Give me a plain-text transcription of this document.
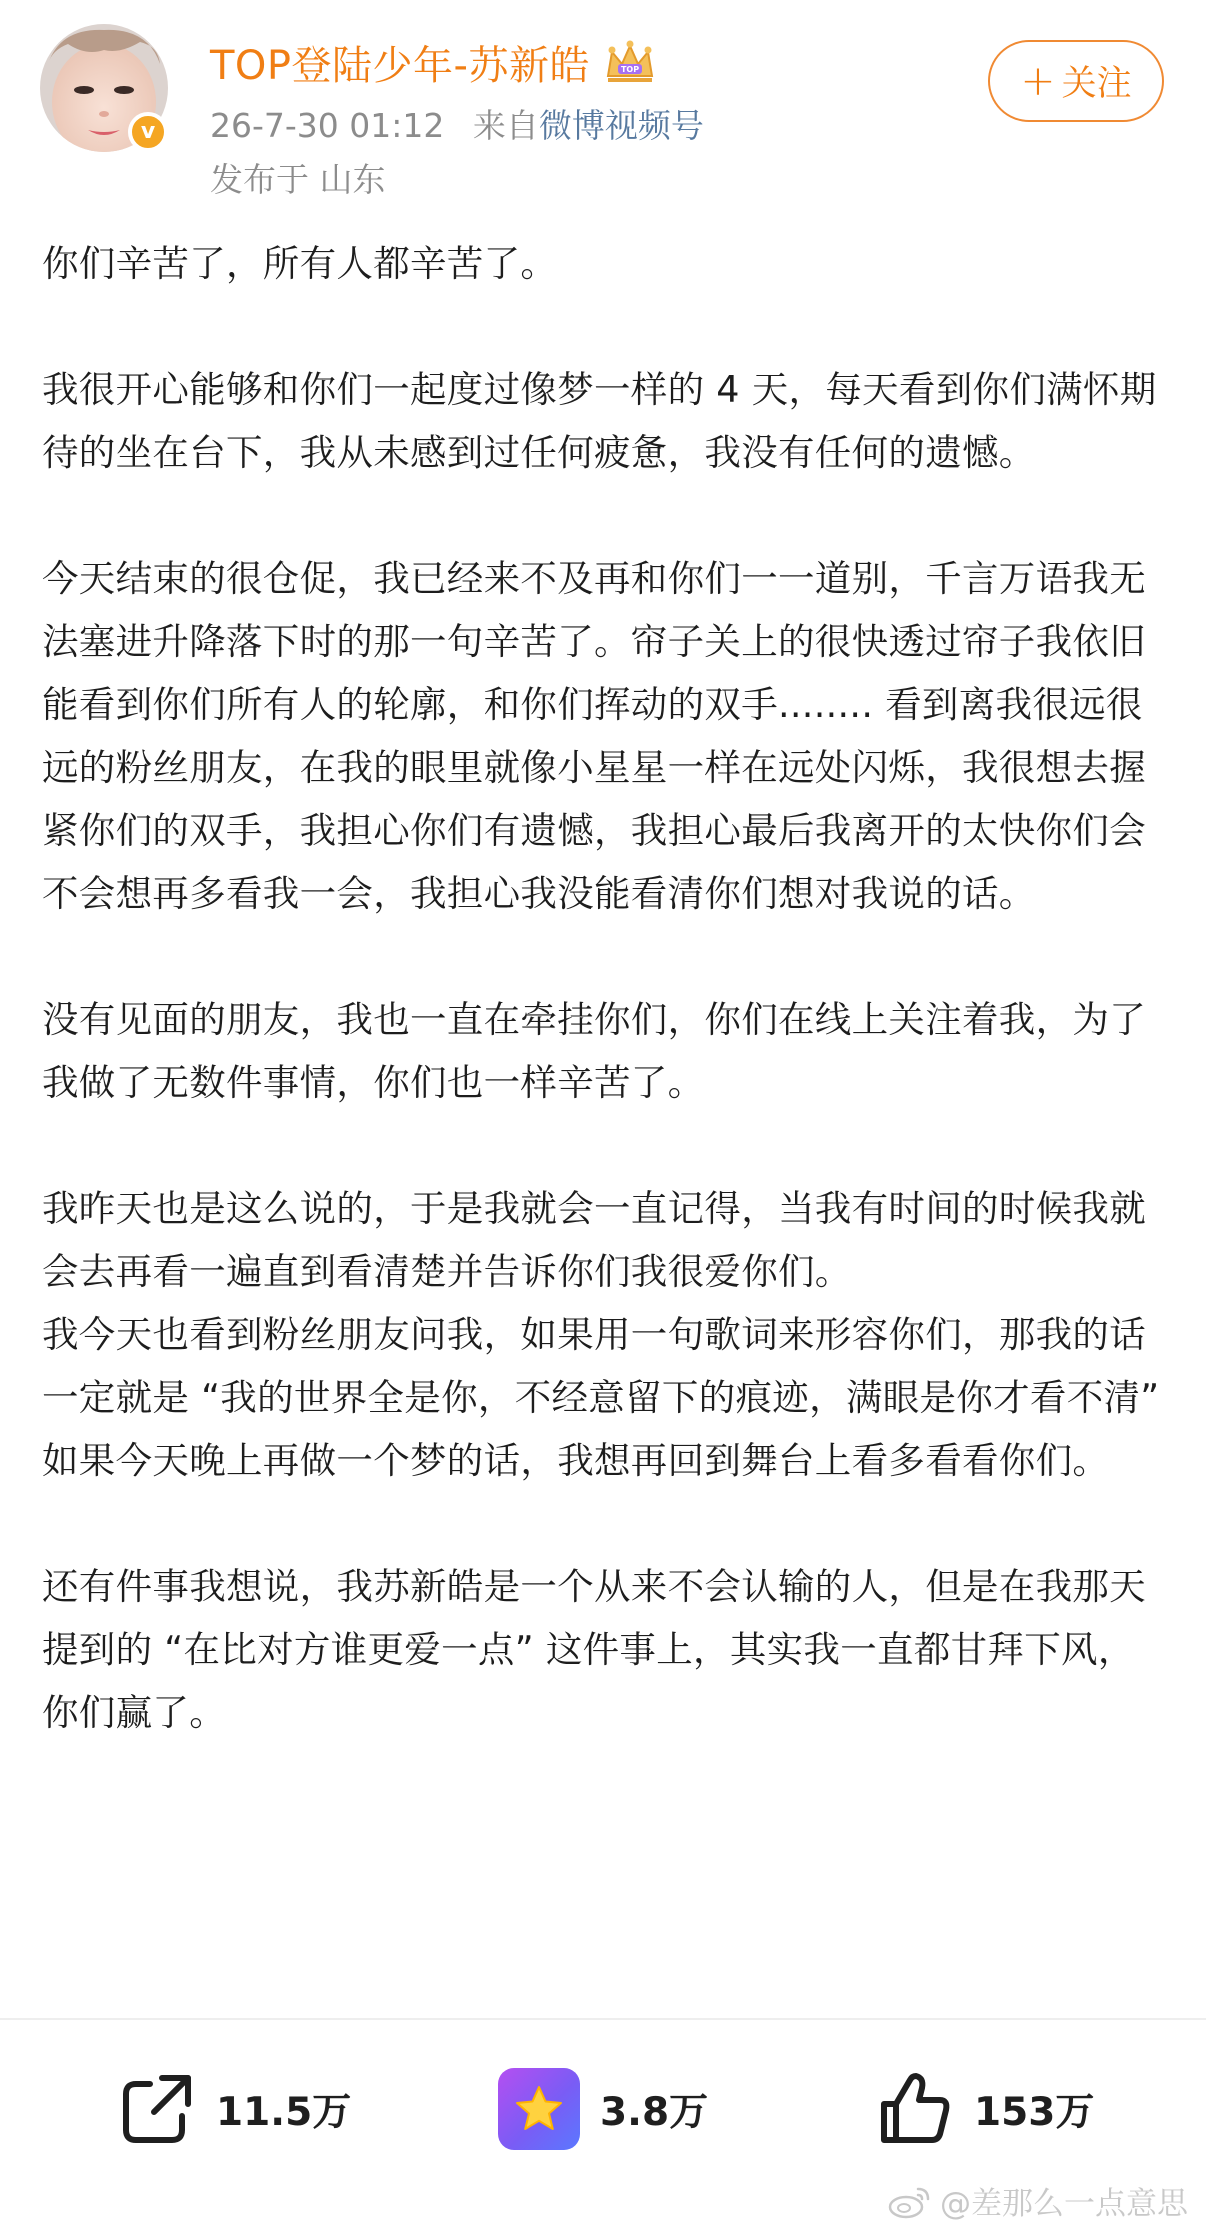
v
TOP登陆少年-苏新皓	TOP
26-7-30 01:12 来自微博视频号
发布于 山东
+ 关注

你们辛苦了，所有人都辛苦了。

我很开心能够和你们一起度过像梦一样的 4 天，每天看到你们满怀期待的坐在台下，我从未感到过任何疲惫，我没有任何的遗憾。

今天结束的很仓促，我已经来不及再和你们一一道别，千言万语我无法塞进升降落下时的那一句辛苦了。帘子关上的很快透过帘子我依旧能看到你们所有人的轮廓，和你们挥动的双手........ 看到离我很远很远的粉丝朋友，在我的眼里就像小星星一样在远处闪烁，我很想去握紧你们的双手，我担心你们有遗憾，我担心最后我离开的太快你们会不会想再多看我一会，我担心我没能看清你们想对我说的话。

没有见面的朋友，我也一直在牵挂你们，你们在线上关注着我，为了我做了无数件事情，你们也一样辛苦了。

我昨天也是这么说的，于是我就会一直记得，当我有时间的时候我就会去再看一遍直到看清楚并告诉你们我很爱你们。
我今天也看到粉丝朋友问我，如果用一句歌词来形容你们，那我的话一定就是 “我的世界全是你，不经意留下的痕迹，满眼是你才看不清”
如果今天晚上再做一个梦的话，我想再回到舞台上看多看看你们。

还有件事我想说，我苏新皓是一个从来不会认输的人，但是在我那天提到的 “在比对方谁更爱一点” 这件事上，其实我一直都甘拜下风，你们赢了。

11.5万	3.8万	153万
@差那么一点意思
